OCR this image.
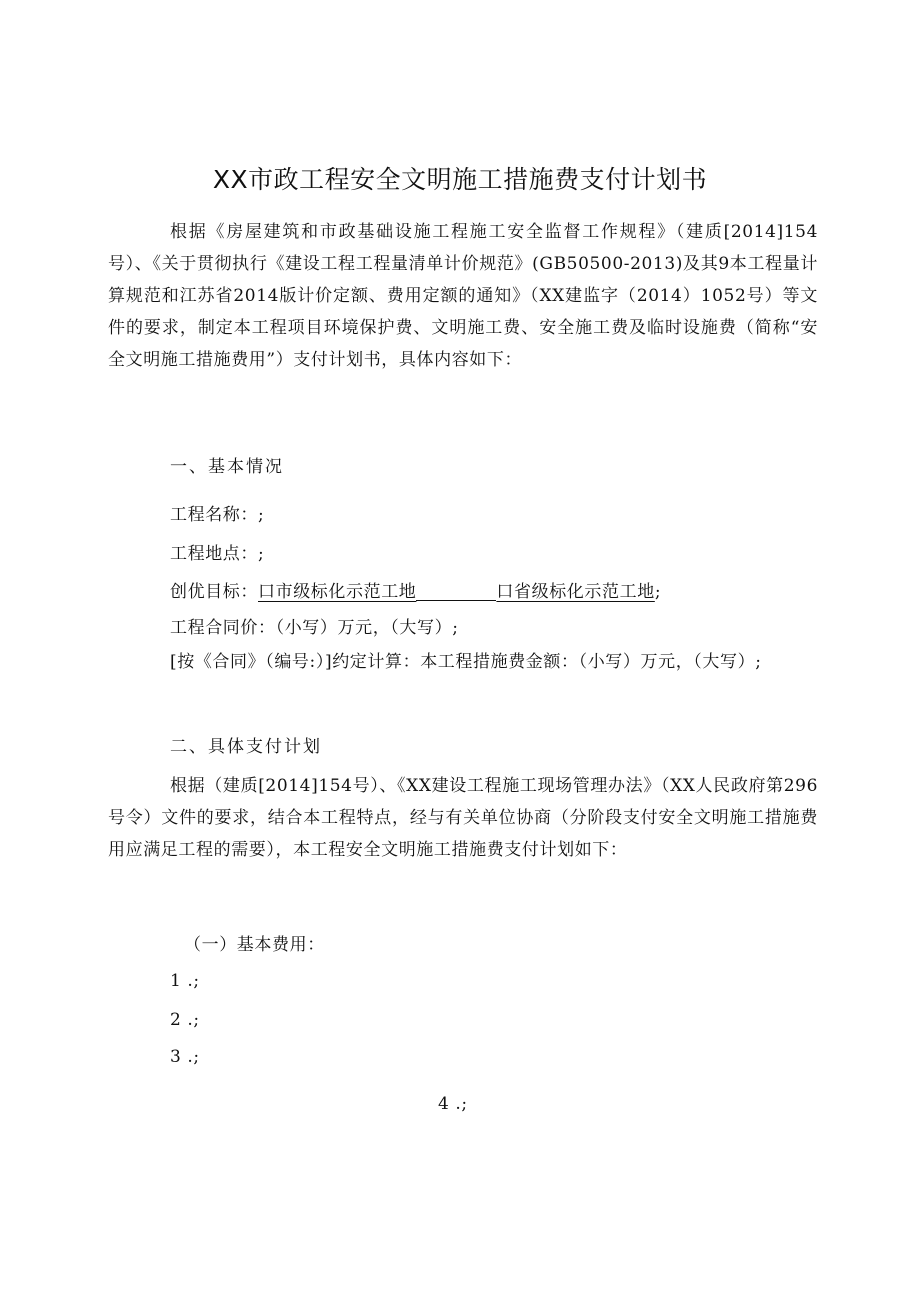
XX市政工程安全文明施工措施费支付计划书

根据《房屋建筑和市政基础设施工程施工安全监督工作规程》（建质[2014]154号）、《关于贯彻执行《建设工程工程量清单计价规范》(GB50500-2013)及其9本工程量计算规范和江苏省2014版计价定额、费用定额的通知》（XX建监字（2014）1052号）等文件的要求，制定本工程项目环境保护费、文明施工费、安全施工费及临时设施费（简称“安全文明施工措施费用”）支付计划书，具体内容如下：

一、基本情况
工程名称：;
工程地点：;
创优目标：口市级标化示范工地	口省级标化示范工地;
工程合同价：（小写）万元，（大写）;

[按《合同》（编号:）]约定计算：本工程措施费金额：（小写）万元，（大写）;

二、具体支付计划

根据（建质[2014]154号）、《XX建设工程施工现场管理办法》（XX人民政府第296号令）文件的要求，结合本工程特点，经与有关单位协商（分阶段支付安全文明施工措施费用应满足工程的需要），本工程安全文明施工措施费支付计划如下：

（一）基本费用：
1 .;
2 .;
3 .;
4 .;
